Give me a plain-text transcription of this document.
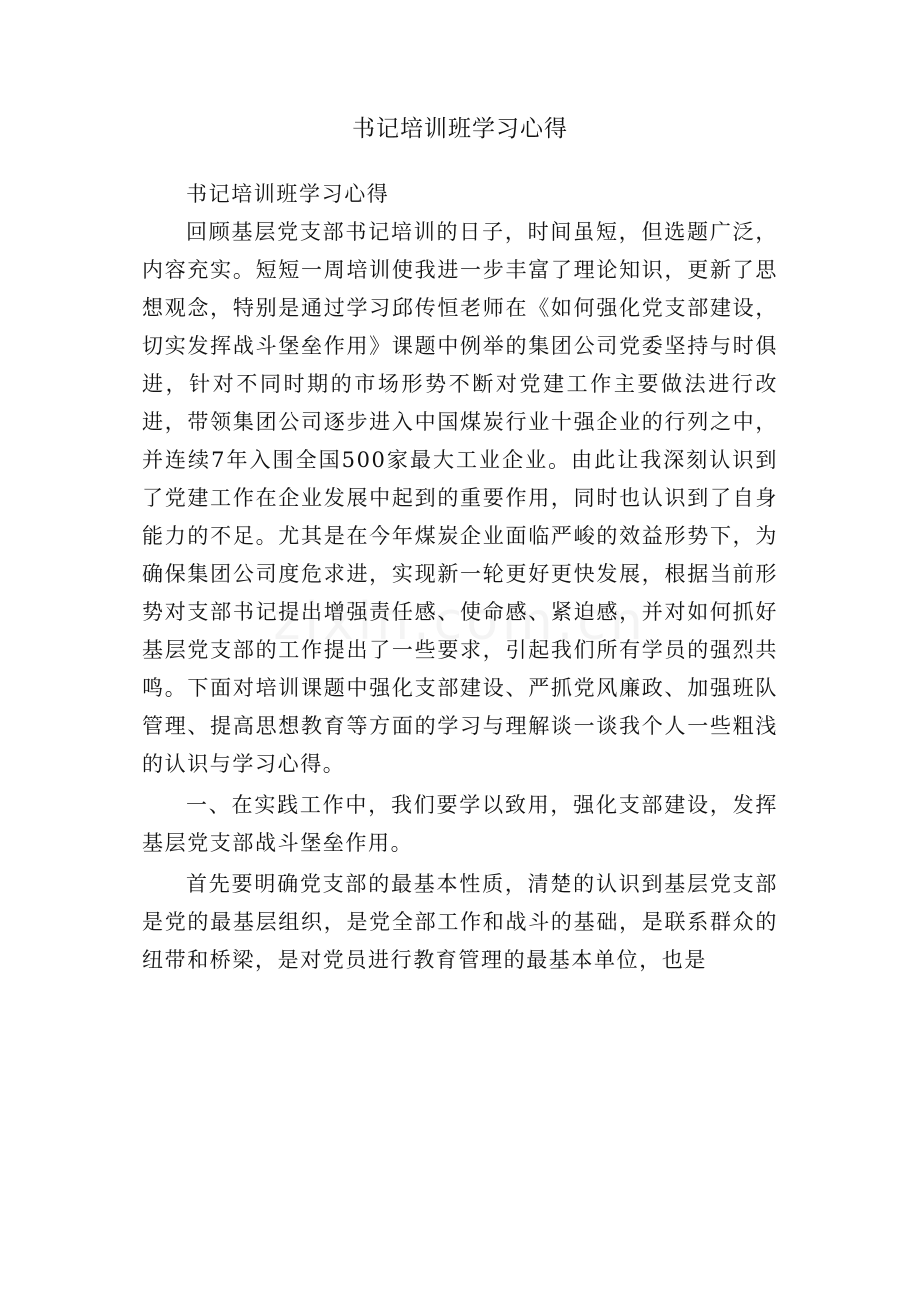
书记培训班学习心得

书记培训班学习心得

回顾基层党支部书记培训的日子，时间虽短，但选题广泛，内容充实。短短一周培训使我进一步丰富了理论知识，更新了思想观念，特别是通过学习邱传恒老师在《如何强化党支部建设，切实发挥战斗堡垒作用》课题中例举的集团公司党委坚持与时俱进，针对不同时期的市场形势不断对党建工作主要做法进行改进，带领集团公司逐步进入中国煤炭行业十强企业的行列之中，并连续7年入围全国500家最大工业企业。由此让我深刻认识到了党建工作在企业发展中起到的重要作用，同时也认识到了自身能力的不足。尤其是在今年煤炭企业面临严峻的效益形势下，为确保集团公司度危求进，实现新一轮更好更快发展，根据当前形势对支部书记提出增强责任感、使命感、紧迫感，并对如何抓好基层党支部的工作提出了一些要求，引起我们所有学员的强烈共鸣。下面对培训课题中强化支部建设、严抓党风廉政、加强班队管理、提高思想教育等方面的学习与理解谈一谈我个人一些粗浅的认识与学习心得。

一、在实践工作中，我们要学以致用，强化支部建设，发挥基层党支部战斗堡垒作用。

首先要明确党支部的最基本性质，清楚的认识到基层党支部是党的最基层组织，是党全部工作和战斗的基础，是联系群众的纽带和桥梁，是对党员进行教育管理的最基本单位，也是
